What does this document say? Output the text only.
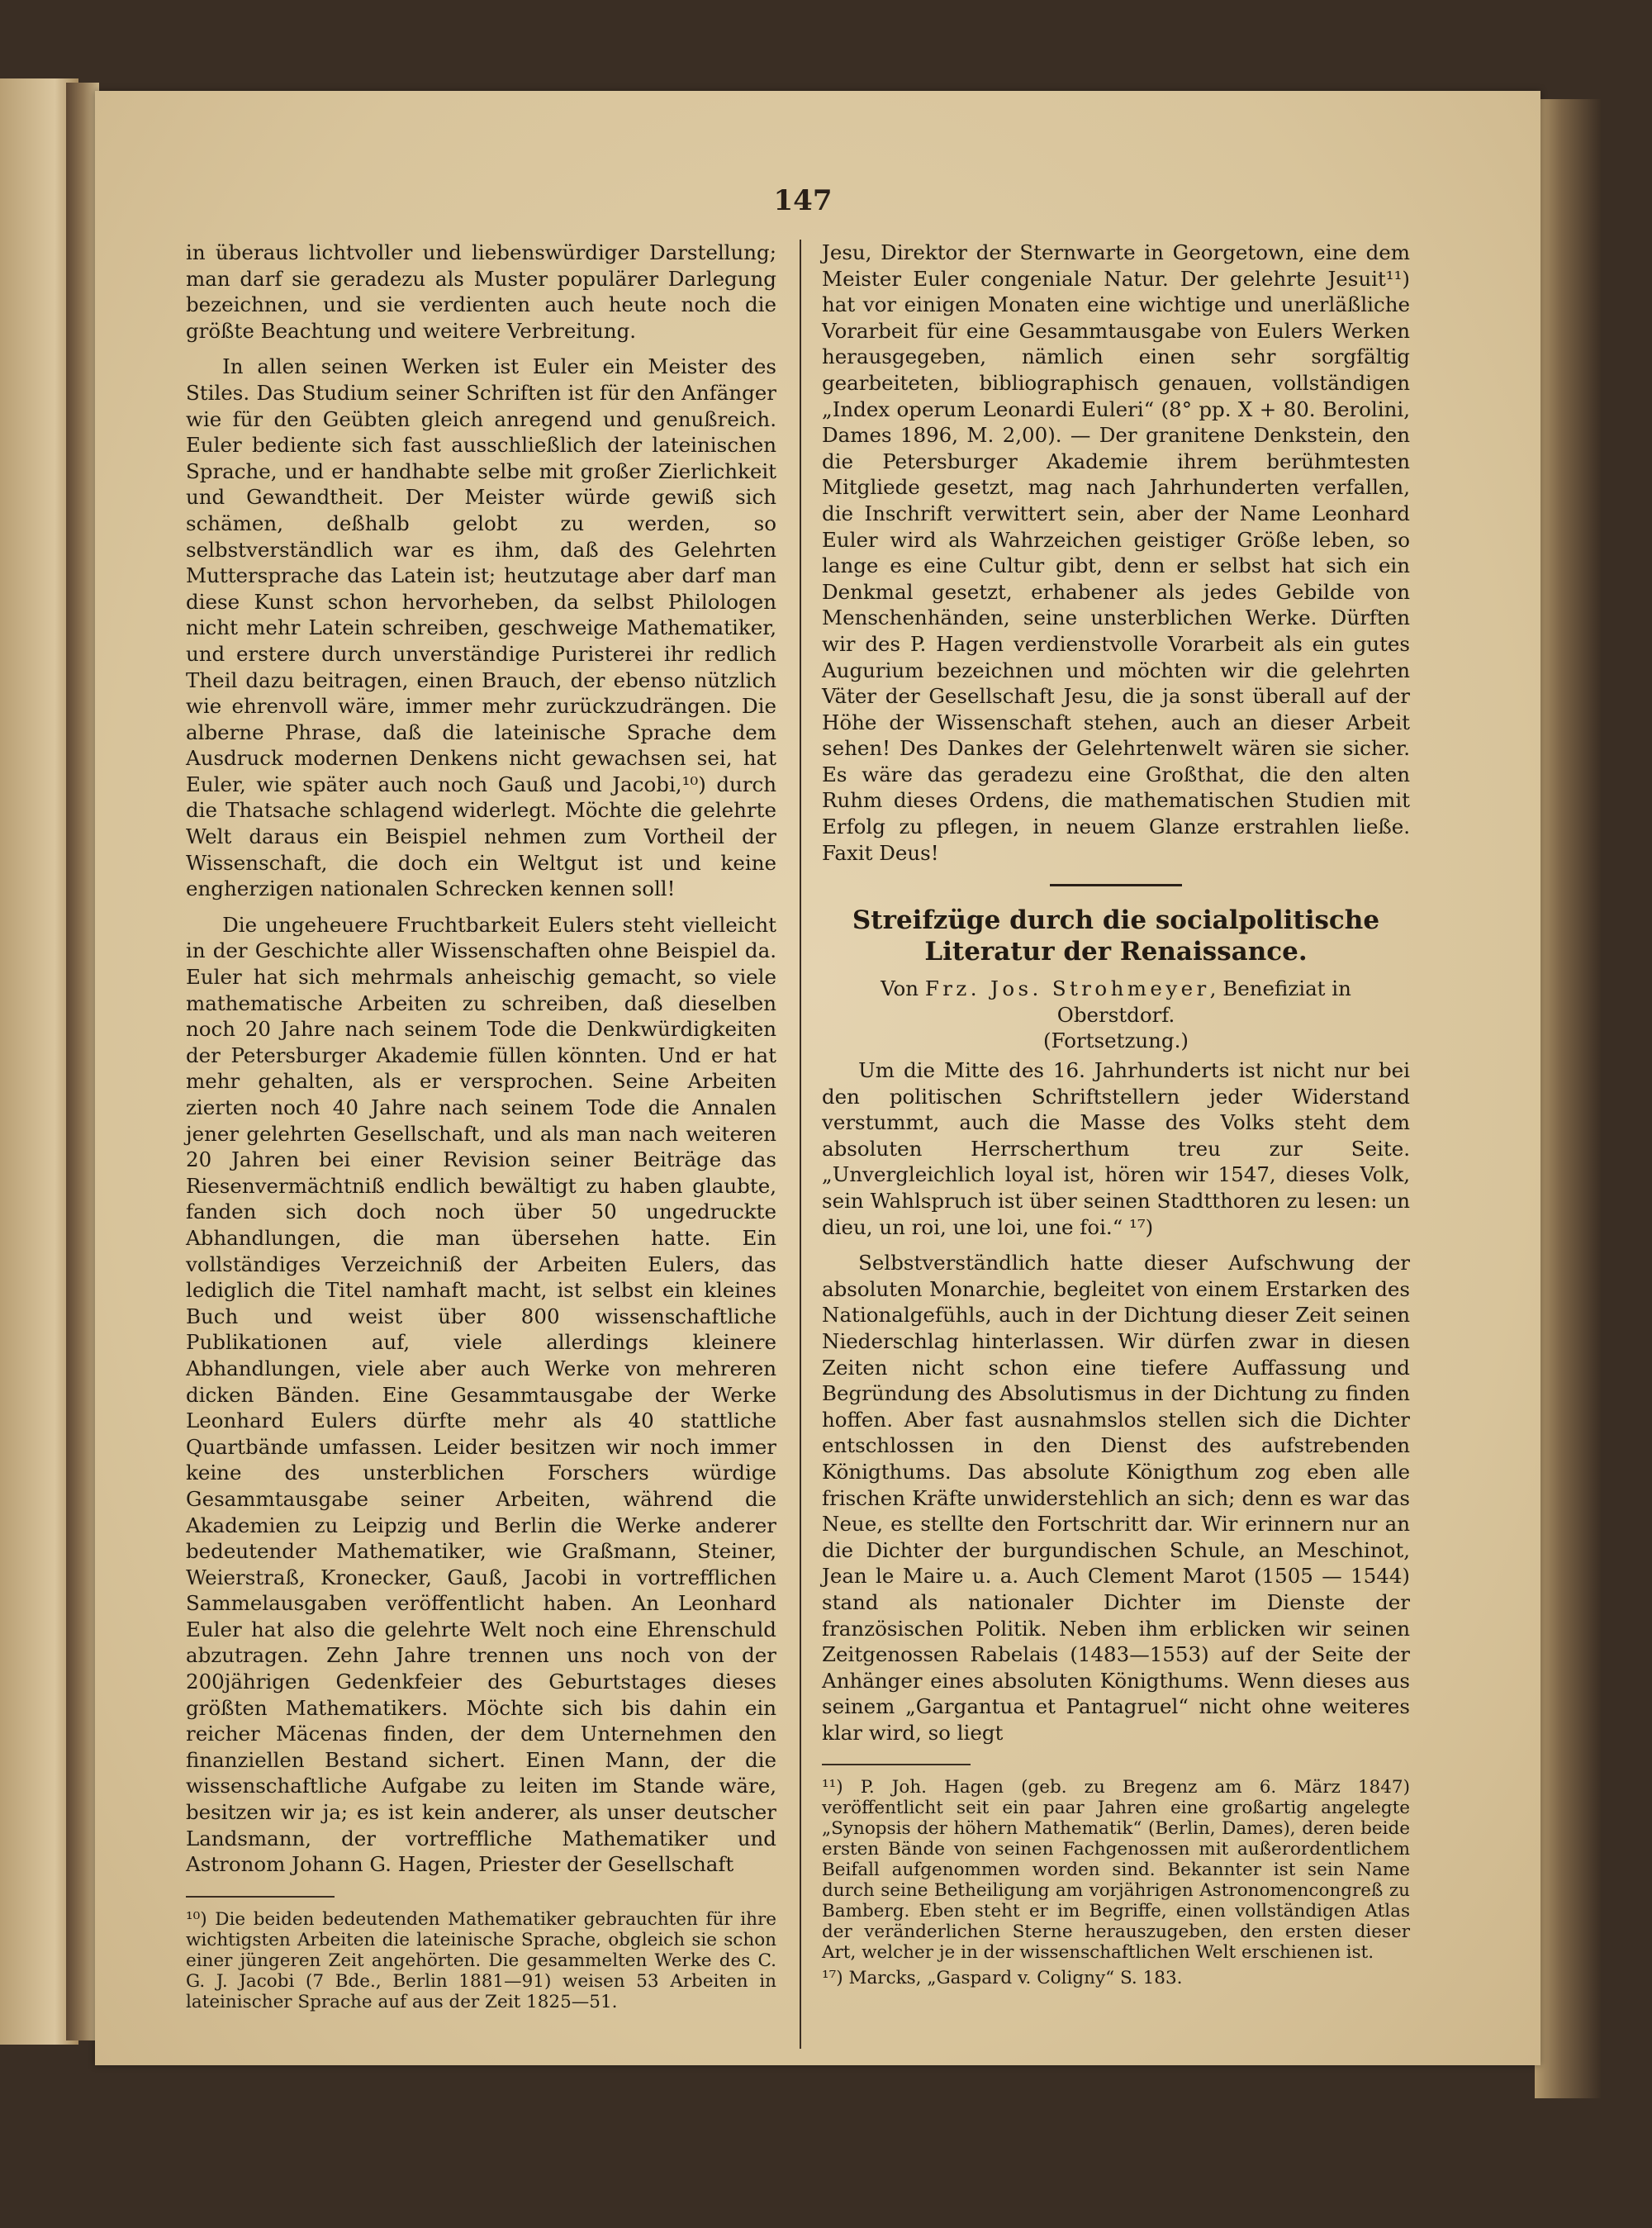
147

in überaus lichtvoller und liebenswürdiger Darstellung; man darf sie geradezu als Muster populärer Darlegung bezeichnen, und sie verdienten auch heute noch die größte Beachtung und weitere Verbreitung.

In allen seinen Werken ist Euler ein Meister des Stiles. Das Studium seiner Schriften ist für den Anfänger wie für den Geübten gleich anregend und genußreich. Euler bediente sich fast ausschließlich der lateinischen Sprache, und er handhabte selbe mit großer Zierlichkeit und Gewandtheit. Der Meister würde gewiß sich schämen, deßhalb gelobt zu werden, so selbstverständlich war es ihm, daß des Gelehrten Muttersprache das Latein ist; heutzutage aber darf man diese Kunst schon hervorheben, da selbst Philologen nicht mehr Latein schreiben, geschweige Mathematiker, und erstere durch unverständige Puristerei ihr redlich Theil dazu beitragen, einen Brauch, der ebenso nützlich wie ehrenvoll wäre, immer mehr zurückzudrängen. Die alberne Phrase, daß die lateinische Sprache dem Ausdruck modernen Denkens nicht gewachsen sei, hat Euler, wie später auch noch Gauß und Jacobi,¹⁰) durch die Thatsache schlagend widerlegt. Möchte die gelehrte Welt daraus ein Beispiel nehmen zum Vortheil der Wissenschaft, die doch ein Weltgut ist und keine engherzigen nationalen Schrecken kennen soll!

Die ungeheuere Fruchtbarkeit Eulers steht vielleicht in der Geschichte aller Wissenschaften ohne Beispiel da. Euler hat sich mehrmals anheischig gemacht, so viele mathematische Arbeiten zu schreiben, daß dieselben noch 20 Jahre nach seinem Tode die Denkwürdigkeiten der Petersburger Akademie füllen könnten. Und er hat mehr gehalten, als er versprochen. Seine Arbeiten zierten noch 40 Jahre nach seinem Tode die Annalen jener gelehrten Gesellschaft, und als man nach weiteren 20 Jahren bei einer Revision seiner Beiträge das Riesenvermächtniß endlich bewältigt zu haben glaubte, fanden sich doch noch über 50 ungedruckte Abhandlungen, die man übersehen hatte. Ein vollständiges Verzeichniß der Arbeiten Eulers, das lediglich die Titel namhaft macht, ist selbst ein kleines Buch und weist über 800 wissenschaftliche Publikationen auf, viele allerdings kleinere Abhandlungen, viele aber auch Werke von mehreren dicken Bänden. Eine Gesammtausgabe der Werke Leonhard Eulers dürfte mehr als 40 stattliche Quartbände umfassen. Leider besitzen wir noch immer keine des unsterblichen Forschers würdige Gesammtausgabe seiner Arbeiten, während die Akademien zu Leipzig und Berlin die Werke anderer bedeutender Mathematiker, wie Graßmann, Steiner, Weierstraß, Kronecker, Gauß, Jacobi in vortrefflichen Sammelausgaben veröffentlicht haben. An Leonhard Euler hat also die gelehrte Welt noch eine Ehrenschuld abzutragen. Zehn Jahre trennen uns noch von der 200jährigen Gedenkfeier des Geburtstages dieses größten Mathematikers. Möchte sich bis dahin ein reicher Mäcenas finden, der dem Unternehmen den finanziellen Bestand sichert. Einen Mann, der die wissenschaftliche Aufgabe zu leiten im Stande wäre, besitzen wir ja; es ist kein anderer, als unser deutscher Landsmann, der vortreffliche Mathematiker und Astronom Johann G. Hagen, Priester der Gesellschaft

¹⁰) Die beiden bedeutenden Mathematiker gebrauchten für ihre wichtigsten Arbeiten die lateinische Sprache, obgleich sie schon einer jüngeren Zeit angehörten. Die gesammelten Werke des C. G. J. Jacobi (7 Bde., Berlin 1881—91) weisen 53 Arbeiten in lateinischer Sprache auf aus der Zeit 1825—51.

Jesu, Direktor der Sternwarte in Georgetown, eine dem Meister Euler congeniale Natur. Der gelehrte Jesuit¹¹) hat vor einigen Monaten eine wichtige und unerläßliche Vorarbeit für eine Gesammtausgabe von Eulers Werken herausgegeben, nämlich einen sehr sorgfältig gearbeiteten, bibliographisch genauen, vollständigen „Index operum Leonardi Euleri“ (8° pp. X + 80. Berolini, Dames 1896, M. 2,00). — Der granitene Denkstein, den die Petersburger Akademie ihrem berühmtesten Mitgliede gesetzt, mag nach Jahrhunderten verfallen, die Inschrift verwittert sein, aber der Name Leonhard Euler wird als Wahrzeichen geistiger Größe leben, so lange es eine Cultur gibt, denn er selbst hat sich ein Denkmal gesetzt, erhabener als jedes Gebilde von Menschenhänden, seine unsterblichen Werke. Dürften wir des P. Hagen verdienstvolle Vorarbeit als ein gutes Augurium bezeichnen und möchten wir die gelehrten Väter der Gesellschaft Jesu, die ja sonst überall auf der Höhe der Wissenschaft stehen, auch an dieser Arbeit sehen! Des Dankes der Gelehrtenwelt wären sie sicher. Es wäre das geradezu eine Großthat, die den alten Ruhm dieses Ordens, die mathematischen Studien mit Erfolg zu pflegen, in neuem Glanze erstrahlen ließe. Faxit Deus!

Streifzüge durch die socialpolitische Literatur der Renaissance.

Von Frz. Jos. Strohmeyer, Benefiziat in Oberstdorf.

(Fortsetzung.)

Um die Mitte des 16. Jahrhunderts ist nicht nur bei den politischen Schriftstellern jeder Widerstand verstummt, auch die Masse des Volks steht dem absoluten Herrscherthum treu zur Seite. „Unvergleichlich loyal ist, hören wir 1547, dieses Volk, sein Wahlspruch ist über seinen Stadtthoren zu lesen: un dieu, un roi, une loi, une foi.“ ¹⁷)

Selbstverständlich hatte dieser Aufschwung der absoluten Monarchie, begleitet von einem Erstarken des Nationalgefühls, auch in der Dichtung dieser Zeit seinen Niederschlag hinterlassen. Wir dürfen zwar in diesen Zeiten nicht schon eine tiefere Auffassung und Begründung des Absolutismus in der Dichtung zu finden hoffen. Aber fast ausnahmslos stellen sich die Dichter entschlossen in den Dienst des aufstrebenden Königthums. Das absolute Königthum zog eben alle frischen Kräfte unwiderstehlich an sich; denn es war das Neue, es stellte den Fortschritt dar. Wir erinnern nur an die Dichter der burgundischen Schule, an Meschinot, Jean le Maire u. a. Auch Clement Marot (1505 — 1544) stand als nationaler Dichter im Dienste der französischen Politik. Neben ihm erblicken wir seinen Zeitgenossen Rabelais (1483—1553) auf der Seite der Anhänger eines absoluten Königthums. Wenn dieses aus seinem „Gargantua et Pantagruel“ nicht ohne weiteres klar wird, so liegt

¹¹) P. Joh. Hagen (geb. zu Bregenz am 6. März 1847) veröffentlicht seit ein paar Jahren eine großartig angelegte „Synopsis der höhern Mathematik“ (Berlin, Dames), deren beide ersten Bände von seinen Fachgenossen mit außerordentlichem Beifall aufgenommen worden sind. Bekannter ist sein Name durch seine Betheiligung am vorjährigen Astronomencongreß zu Bamberg. Eben steht er im Begriffe, einen vollständigen Atlas der veränderlichen Sterne herauszugeben, den ersten dieser Art, welcher je in der wissenschaftlichen Welt erschienen ist.

¹⁷) Marcks, „Gaspard v. Coligny“ S. 183.
